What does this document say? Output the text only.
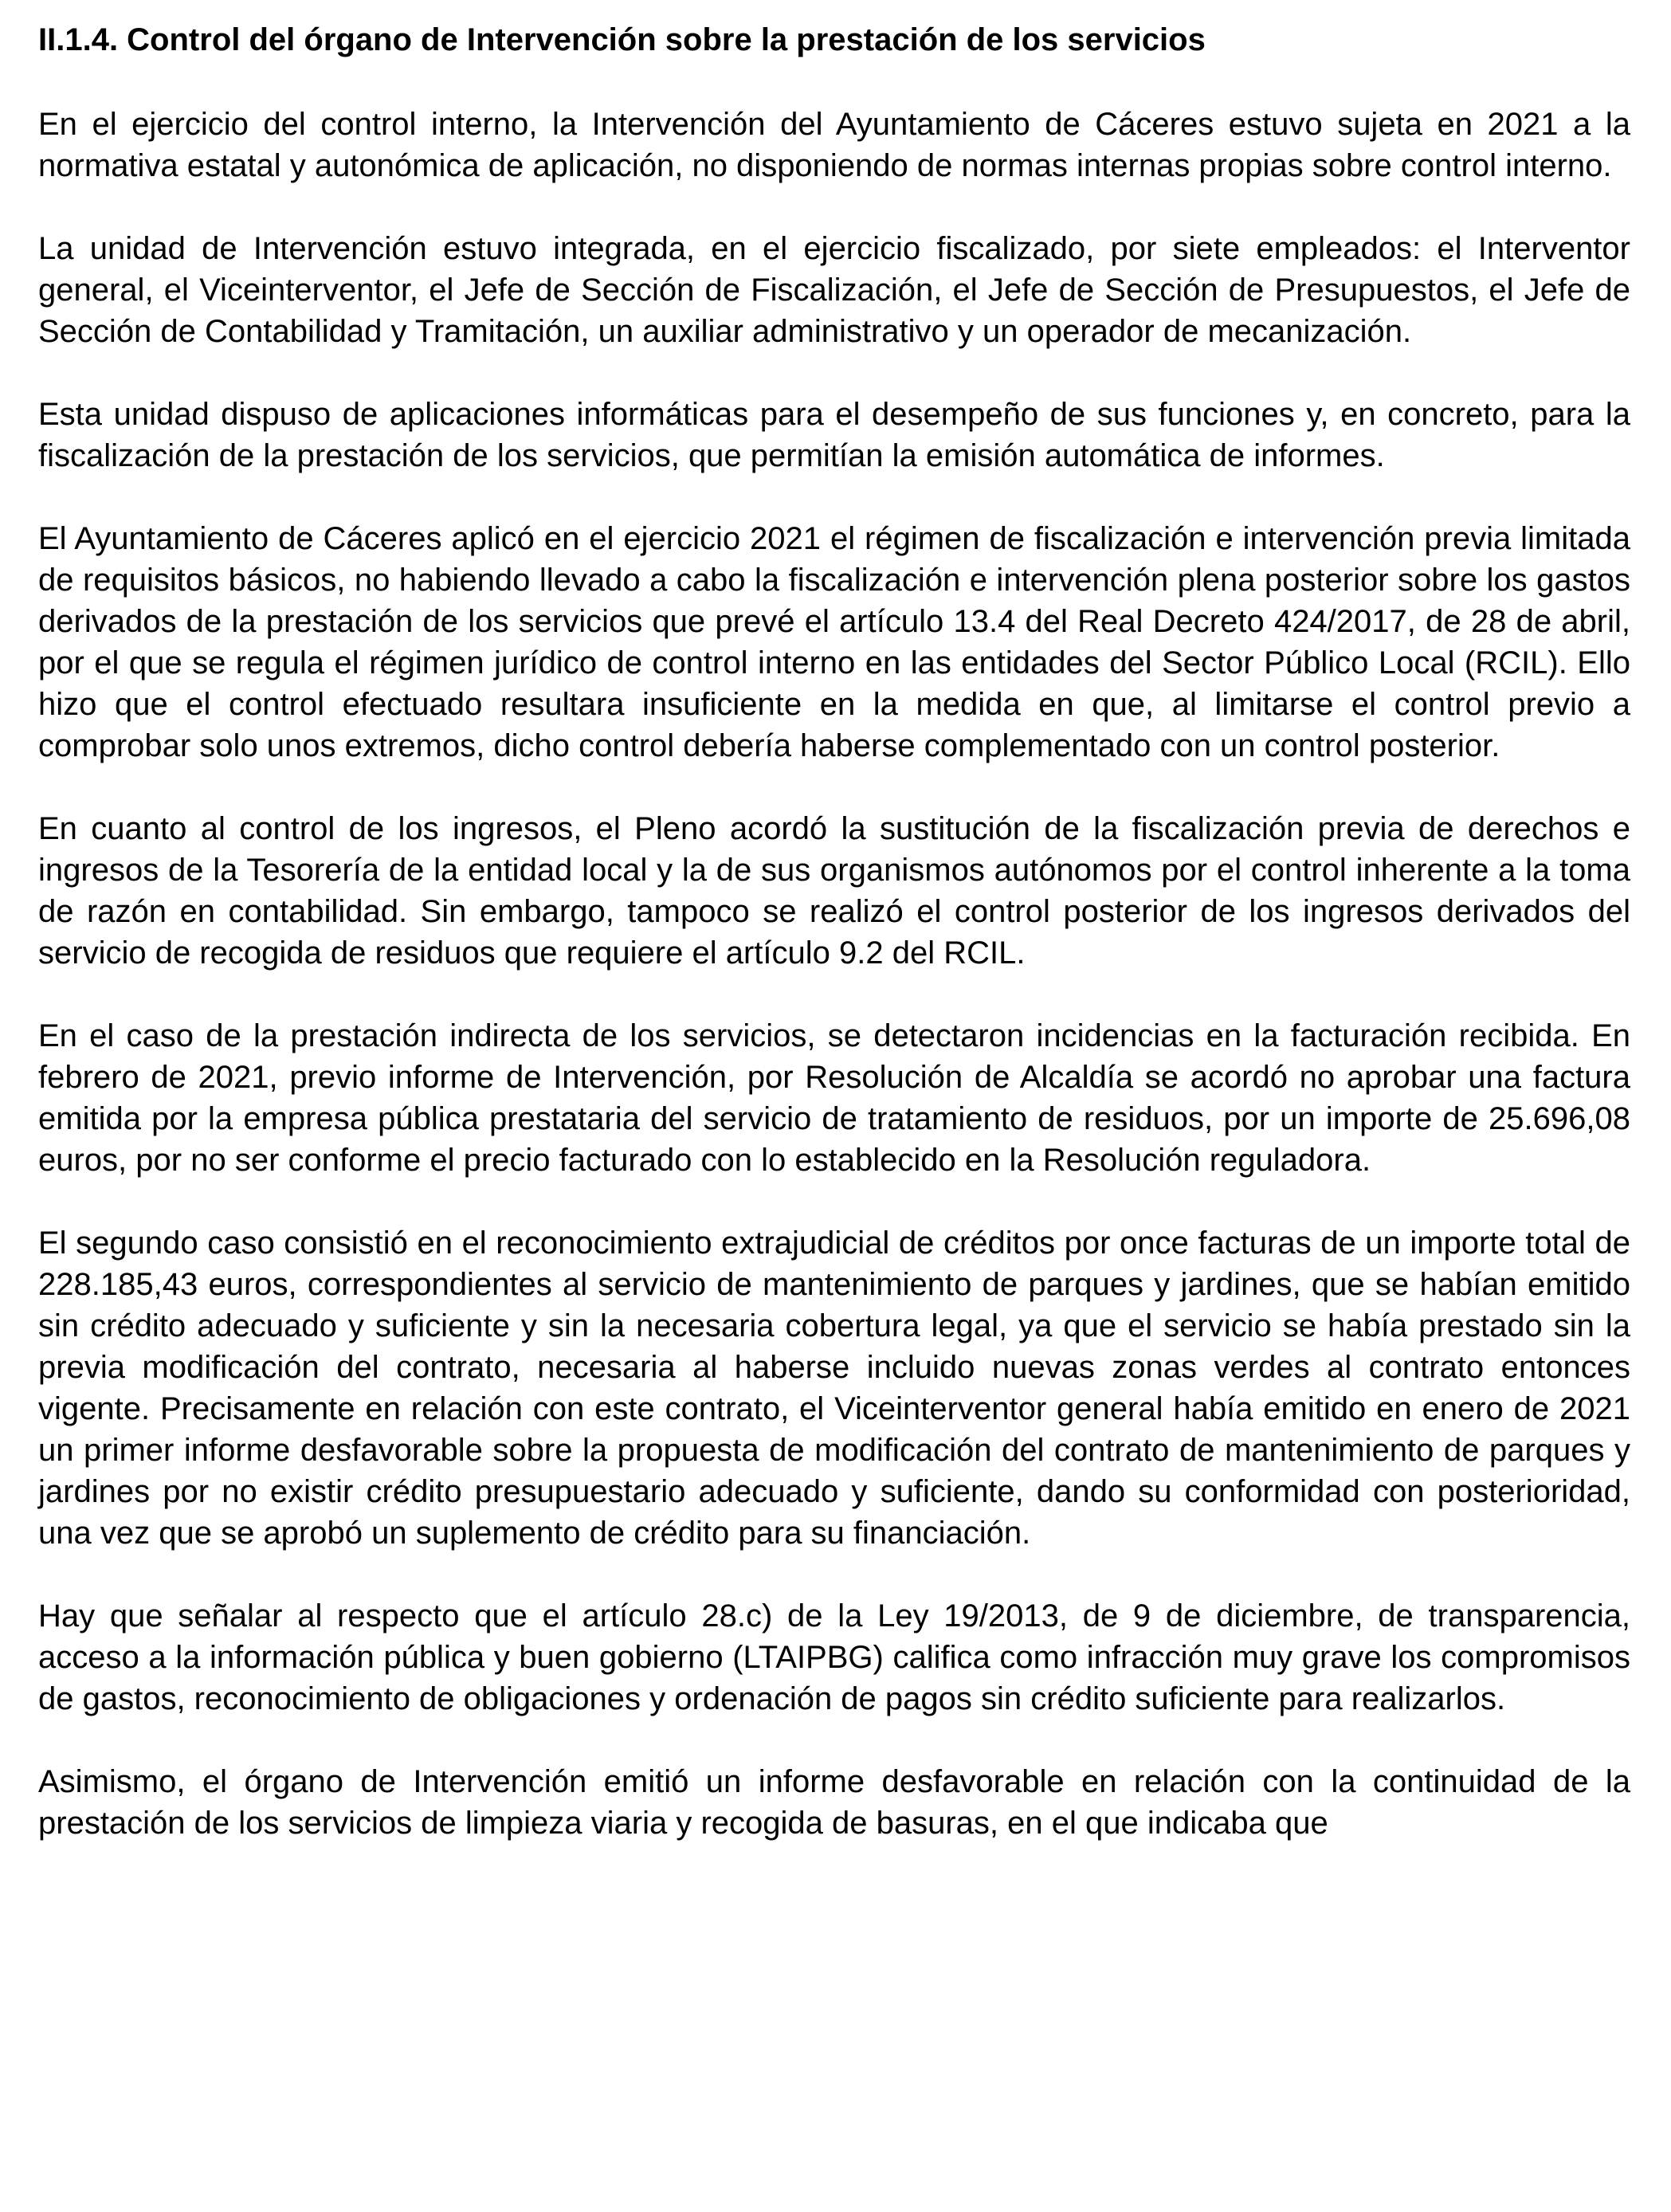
II.1.4. Control del órgano de Intervención sobre la prestación de los servicios

En el ejercicio del control interno, la Intervención del Ayuntamiento de Cáceres estuvo sujeta en 2021 a la normativa estatal y autonómica de aplicación, no disponiendo de normas internas propias sobre control interno.

La unidad de Intervención estuvo integrada, en el ejercicio fiscalizado, por siete empleados: el Interventor general, el Viceinterventor, el Jefe de Sección de Fiscalización, el Jefe de Sección de Presupuestos, el Jefe de Sección de Contabilidad y Tramitación, un auxiliar administrativo y un operador de mecanización.

Esta unidad dispuso de aplicaciones informáticas para el desempeño de sus funciones y, en concreto, para la fiscalización de la prestación de los servicios, que permitían la emisión automática de informes.

El Ayuntamiento de Cáceres aplicó en el ejercicio 2021 el régimen de fiscalización e intervención previa limitada de requisitos básicos, no habiendo llevado a cabo la fiscalización e intervención plena posterior sobre los gastos derivados de la prestación de los servicios que prevé el artículo 13.4 del Real Decreto 424/2017, de 28 de abril, por el que se regula el régimen jurídico de control interno en las entidades del Sector Público Local (RCIL). Ello hizo que el control efectuado resultara insuficiente en la medida en que, al limitarse el control previo a comprobar solo unos extremos, dicho control debería haberse complementado con un control posterior.

En cuanto al control de los ingresos, el Pleno acordó la sustitución de la fiscalización previa de derechos e ingresos de la Tesorería de la entidad local y la de sus organismos autónomos por el control inherente a la toma de razón en contabilidad. Sin embargo, tampoco se realizó el control posterior de los ingresos derivados del servicio de recogida de residuos que requiere el artículo 9.2 del RCIL.

En el caso de la prestación indirecta de los servicios, se detectaron incidencias en la facturación recibida. En febrero de 2021, previo informe de Intervención, por Resolución de Alcaldía se acordó no aprobar una factura emitida por la empresa pública prestataria del servicio de tratamiento de residuos, por un importe de 25.696,08 euros, por no ser conforme el precio facturado con lo establecido en la Resolución reguladora.

El segundo caso consistió en el reconocimiento extrajudicial de créditos por once facturas de un importe total de 228.185,43 euros, correspondientes al servicio de mantenimiento de parques y jardines, que se habían emitido sin crédito adecuado y suficiente y sin la necesaria cobertura legal, ya que el servicio se había prestado sin la previa modificación del contrato, necesaria al haberse incluido nuevas zonas verdes al contrato entonces vigente. Precisamente en relación con este contrato, el Viceinterventor general había emitido en enero de 2021 un primer informe desfavorable sobre la propuesta de modificación del contrato de mantenimiento de parques y jardines por no existir crédito presupuestario adecuado y suficiente, dando su conformidad con posterioridad, una vez que se aprobó un suplemento de crédito para su financiación.

Hay que señalar al respecto que el artículo 28.c) de la Ley 19/2013, de 9 de diciembre, de transparencia, acceso a la información pública y buen gobierno (LTAIPBG) califica como infracción muy grave los compromisos de gastos, reconocimiento de obligaciones y ordenación de pagos sin crédito suficiente para realizarlos.

Asimismo, el órgano de Intervención emitió un informe desfavorable en relación con la continuidad de la prestación de los servicios de limpieza viaria y recogida de basuras, en el que indicaba que
